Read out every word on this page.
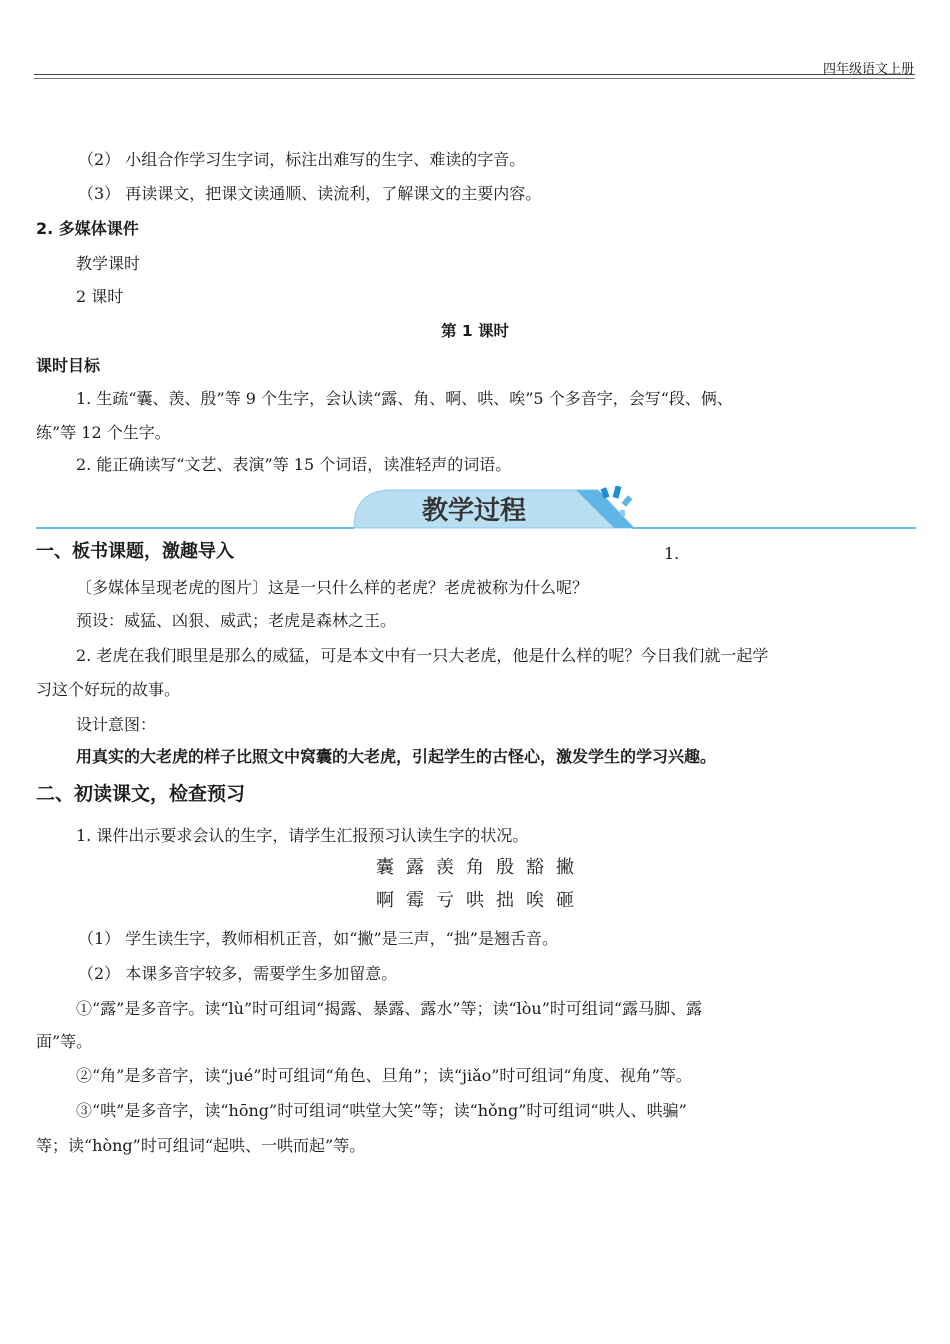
四年级语文上册
（2） 小组合作学习生字词，标注出难写的生字、难读的字音。
（3） 再读课文，把课文读通顺、读流利，了解课文的主要内容。
2. 多媒体课件
教学课时
2 课时
第 1 课时
课时目标
1. 生疏“囊、羡、殷”等 9 个生字，会认读“露、角、啊、哄、唉”5 个多音字，会写“段、俩、
练”等 12 个生字。
2. 能正确读写“文艺、表演”等 15 个词语，读准轻声的词语。
教学过程
一、板书课题，激趣导入	1.
〔多媒体呈现老虎的图片〕这是一只什么样的老虎？老虎被称为什么呢？
预设：威猛、凶狠、威武；老虎是森林之王。
2. 老虎在我们眼里是那么的威猛，可是本文中有一只大老虎，他是什么样的呢？今日我们就一起学
习这个好玩的故事。
设计意图：
用真实的大老虎的样子比照文中窝囊的大老虎，引起学生的古怪心，激发学生的学习兴趣。
二、初读课文，检查预习
1. 课件出示要求会认的生字，请学生汇报预习认读生字的状况。
囊 露 羡 角 殷 豁 撇
啊 霉 亏 哄 拙 唉 砸
（1） 学生读生字，教师相机正音，如“撇”是三声，“拙”是翘舌音。
（2） 本课多音字较多，需要学生多加留意。
①“露”是多音字。读“lù”时可组词“揭露、暴露、露水”等；读“lòu”时可组词“露马脚、露
面”等。
②“角”是多音字，读“jué”时可组词“角色、旦角”；读“jiǎo”时可组词“角度、视角”等。
③“哄”是多音字，读“hōng”时可组词“哄堂大笑”等；读“hǒng”时可组词“哄人、哄骗”
等；读“hòng”时可组词“起哄、一哄而起”等。
